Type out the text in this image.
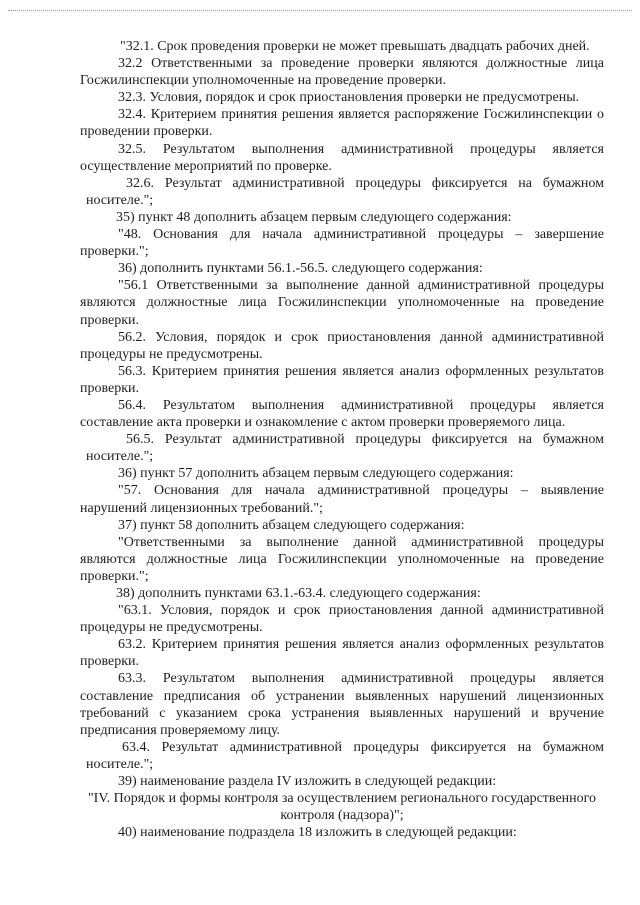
"32.1. Срок проведения проверки не может превышать двадцать рабочих дней.

32.2 Ответственными за проведение проверки являются должностные лица Госжилинспекции уполномоченные на проведение проверки.

32.3. Условия, порядок и срок приостановления проверки не предусмотрены.

32.4. Критерием принятия решения является распоряжение Госжилинспекции о проведении проверки.

32.5. Результатом выполнения административной процедуры является осуществление мероприятий по проверке.

32.6. Результат административной процедуры фиксируется на бумажном носителе.";

35) пункт 48 дополнить абзацем первым следующего содержания:

"48. Основания для начала административной процедуры – завершение проверки.";

36) дополнить пунктами 56.1.-56.5. следующего содержания:

"56.1 Ответственными за выполнение данной административной процедуры являются должностные лица Госжилинспекции уполномоченные на проведение проверки.

56.2. Условия, порядок и срок приостановления данной административной процедуры не предусмотрены.

56.3. Критерием принятия решения является анализ оформленных результатов проверки.

56.4. Результатом выполнения административной процедуры является составление акта проверки и ознакомление с актом проверки проверяемого лица.

56.5. Результат административной процедуры фиксируется на бумажном носителе.";

36) пункт 57 дополнить абзацем первым следующего содержания:

"57. Основания для начала административной процедуры – выявление нарушений лицензионных требований.";

37) пункт 58 дополнить абзацем следующего содержания:

"Ответственными за выполнение данной административной процедуры являются должностные лица Госжилинспекции уполномоченные на проведение проверки.";

38) дополнить пунктами 63.1.-63.4. следующего содержания:

"63.1. Условия, порядок и срок приостановления данной административной процедуры не предусмотрены.

63.2. Критерием принятия решения является анализ оформленных результатов проверки.

63.3. Результатом выполнения административной процедуры является составление предписания об устранении выявленных нарушений лицензионных требований с указанием срока устранения выявленных нарушений и вручение предписания проверяемому лицу.

63.4. Результат административной процедуры фиксируется на бумажном носителе.";

39) наименование раздела IV изложить в следующей редакции:

"IV. Порядок и формы контроля за осуществлением регионального государственного контроля (надзора)";

40) наименование подраздела 18 изложить в следующей редакции:
